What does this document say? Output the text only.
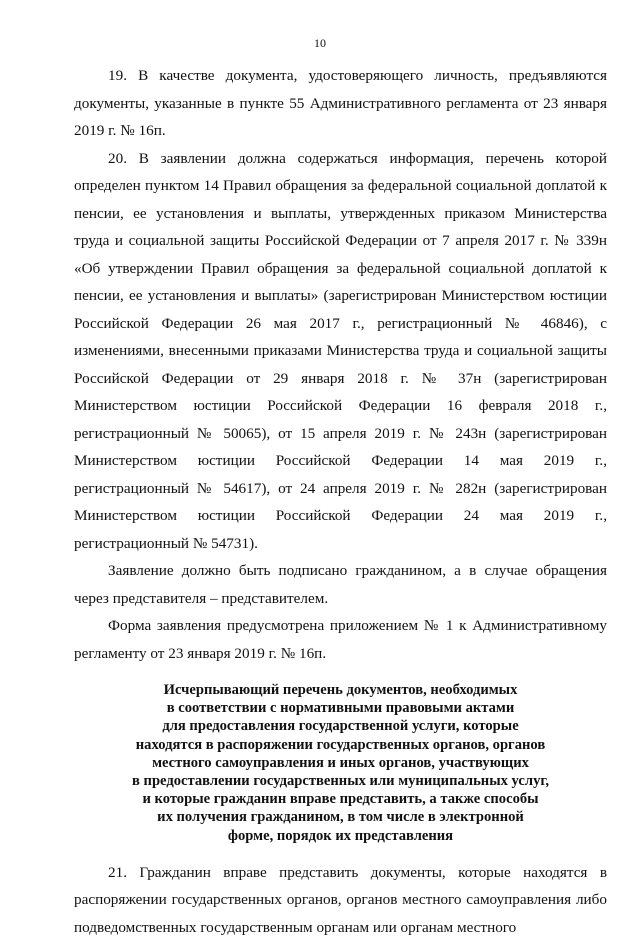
10

19. В качестве документа, удостоверяющего личность, предъявляются документы, указанные в пункте 55 Административного регламента от 23 января 2019 г. № 16п.

20. В заявлении должна содержаться информация, перечень которой определен пунктом 14 Правил обращения за федеральной социальной доплатой к пенсии, ее установления и выплаты, утвержденных приказом Министерства труда и социальной защиты Российской Федерации от 7 апреля 2017 г. № 339н «Об утверждении Правил обращения за федеральной социальной доплатой к пенсии, ее установления и выплаты» (зарегистрирован Министерством юстиции Российской Федерации 26 мая 2017 г., регистрационный № 46846), с изменениями, внесенными приказами Министерства труда и социальной защиты Российской Федерации от 29 января 2018 г. № 37н (зарегистрирован Министерством юстиции Российской Федерации 16 февраля 2018 г., регистрационный № 50065), от 15 апреля 2019 г. № 243н (зарегистрирован Министерством юстиции Российской Федерации 14 мая 2019 г., регистрационный № 54617), от 24 апреля 2019 г. № 282н (зарегистрирован Министерством юстиции Российской Федерации 24 мая 2019 г., регистрационный № 54731).

Заявление должно быть подписано гражданином, а в случае обращения через представителя – представителем.

Форма заявления предусмотрена приложением № 1 к Административному регламенту от 23 января 2019 г. № 16п.

Исчерпывающий перечень документов, необходимых
в соответствии с нормативными правовыми актами
для предоставления государственной услуги, которые
находятся в распоряжении государственных органов, органов
местного самоуправления и иных органов, участвующих
в предоставлении государственных или муниципальных услуг,
и которые гражданин вправе представить, а также способы
их получения гражданином, в том числе в электронной
форме, порядок их представления

21. Гражданин вправе представить документы, которые находятся в распоряжении государственных органов, органов местного самоуправления либо подведомственных государственным органам или органам местного
